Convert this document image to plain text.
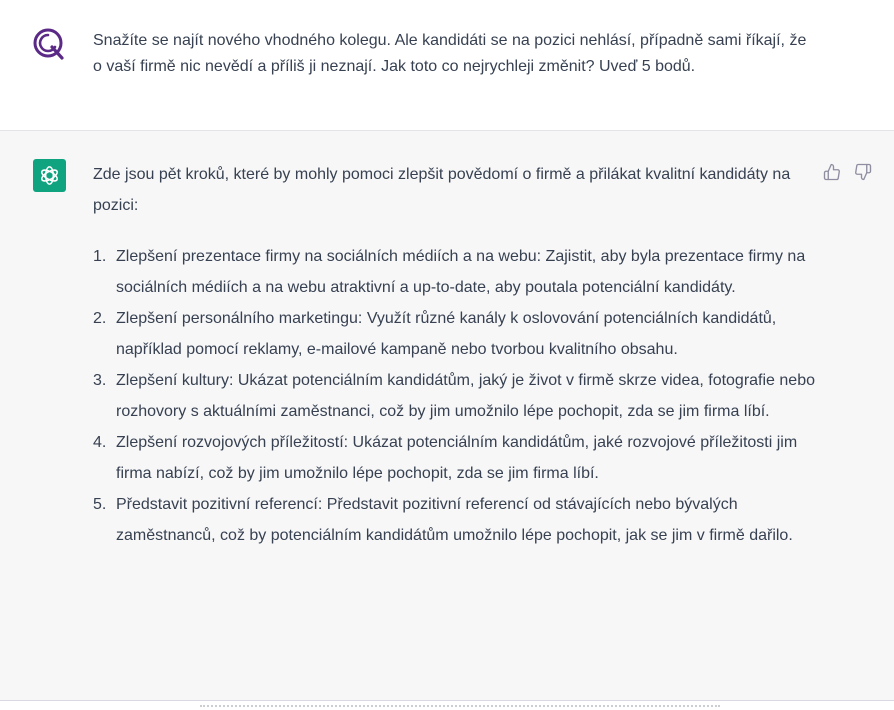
Snažíte se najít nového vhodného kolegu. Ale kandidáti se na pozici nehlásí, případně sami říkají, že o vaší firmě nic nevědí a příliš ji neznají. Jak toto co nejrychleji změnit? Uveď 5 bodů.

Zde jsou pět kroků, které by mohly pomoci zlepšit povědomí o firmě a přilákat kvalitní kandidáty na pozici:

1. Zlepšení prezentace firmy na sociálních médiích a na webu: Zajistit, aby byla prezentace firmy na sociálních médiích a na webu atraktivní a up-to-date, aby poutala potenciální kandidáty.
2. Zlepšení personálního marketingu: Využít různé kanály k oslovování potenciálních kandidátů, například pomocí reklamy, e-mailové kampaně nebo tvorbou kvalitního obsahu.
3. Zlepšení kultury: Ukázat potenciálním kandidátům, jaký je život v firmě skrze videa, fotografie nebo rozhovory s aktuálními zaměstnanci, což by jim umožnilo lépe pochopit, zda se jim firma líbí.
4. Zlepšení rozvojových příležitostí: Ukázat potenciálním kandidátům, jaké rozvojové příležitosti jim firma nabízí, což by jim umožnilo lépe pochopit, zda se jim firma líbí.
5. Představit pozitivní referencí: Představit pozitivní referencí od stávajících nebo bývalých zaměstnanců, což by potenciálním kandidátům umožnilo lépe pochopit, jak se jim v firmě dařilo.
